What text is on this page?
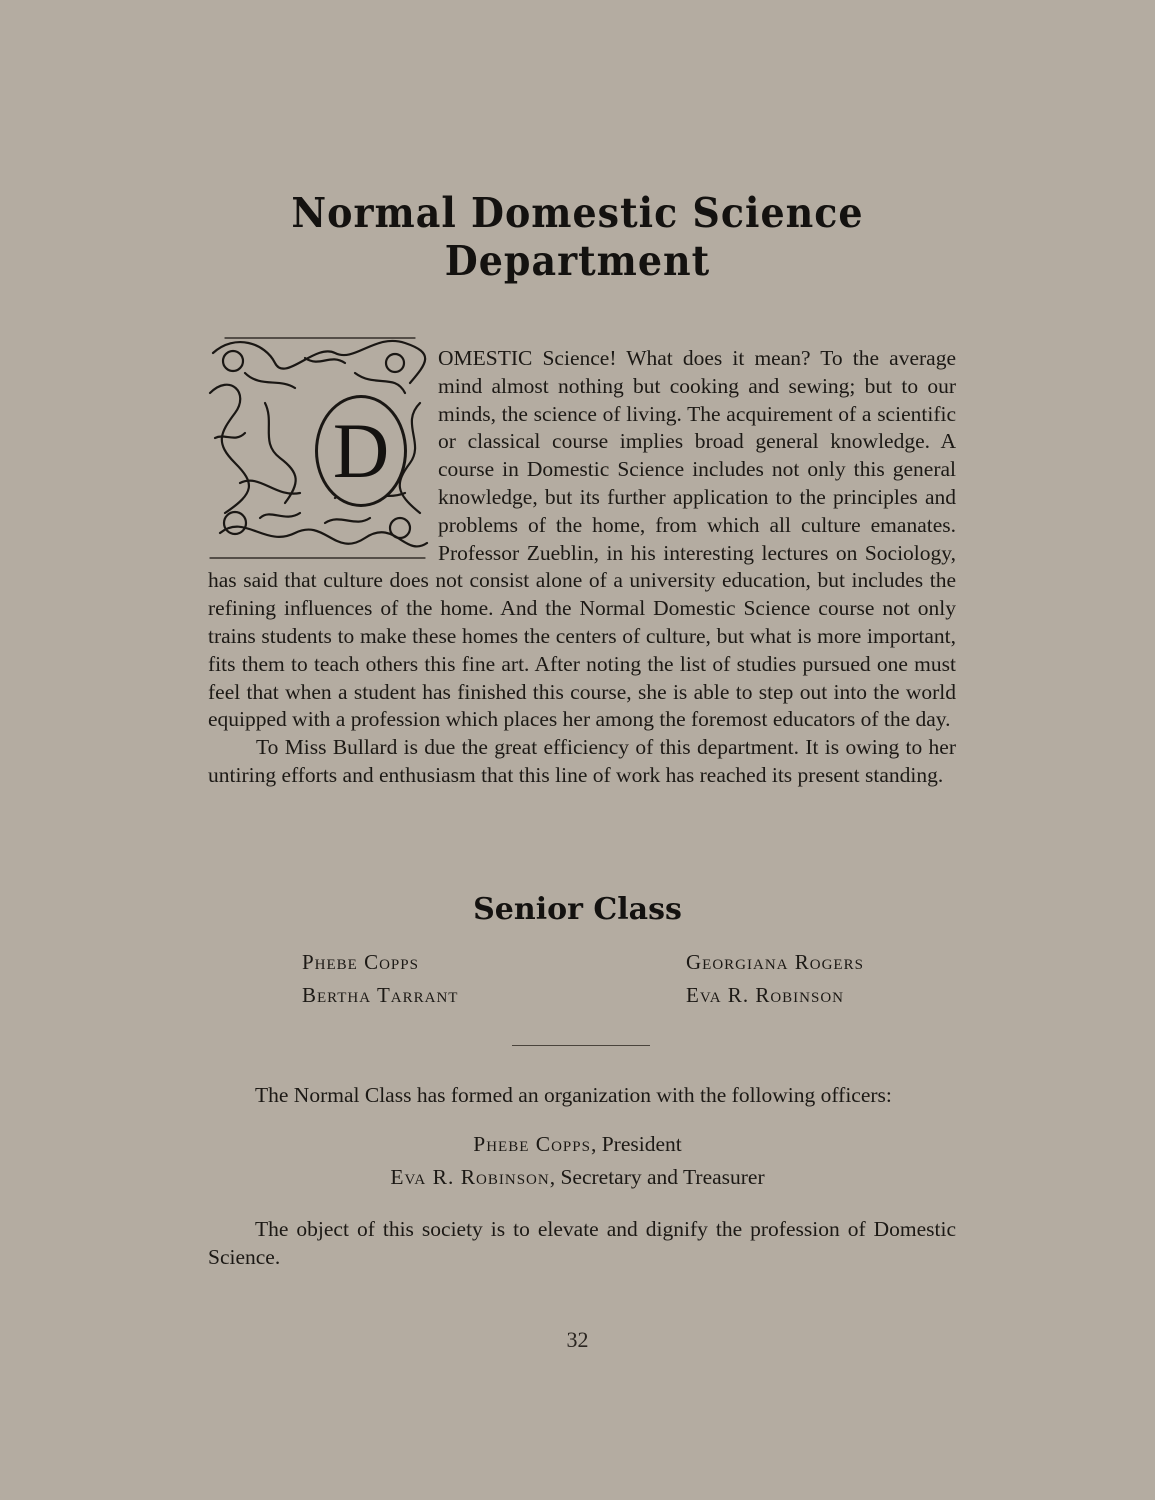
Normal Domestic Science
Department
D

OMESTIC Science! What does it mean? To the average mind almost nothing but cooking and sewing; but to our minds, the science of living. The acquirement of a scientific or classical course implies broad general knowledge. A course in Domestic Science includes not only this general knowledge, but its further application to the principles and problems of the home, from which all culture emanates. Professor Zueblin, in his interesting lectures on Sociology, has said that culture does not consist alone of a university education, but includes the refining influences of the home. And the Normal Domestic Science course not only trains students to make these homes the centers of culture, but what is more important, fits them to teach others this fine art. After noting the list of studies pursued one must feel that when a student has finished this course, she is able to step out into the world equipped with a profession which places her among the foremost educators of the day.

To Miss Bullard is due the great efficiency of this department. It is owing to her untiring efforts and enthusiasm that this line of work has reached its present standing.

Senior Class
Phebe Copps	Georgiana Rogers
Bertha Tarrant	Eva R. Robinson
The Normal Class has formed an organization with the following officers:
Phebe Copps, President
Eva R. Robinson, Secretary and Treasurer
The object of this society is to elevate and dignify the profession of Domestic Science.
32
